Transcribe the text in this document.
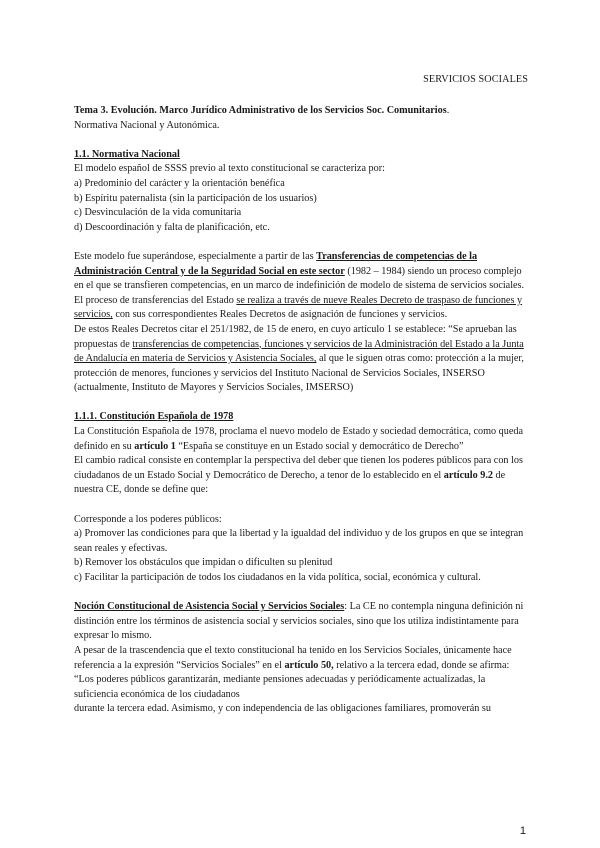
SERVICIOS SOCIALES

Tema 3. Evolución. Marco Jurídico Administrativo de los Servicios Soc. Comunitarios.

Normativa Nacional y Autonómica.

1.1. Normativa Nacional

El modelo español de SSSS previo al texto constitucional se caracteriza por:

a) Predominio del carácter y la orientación benéfica

b) Espíritu paternalista (sin la participación de los usuarios)

c) Desvinculación de la vida comunitaria

d) Descoordinación y falta de planificación, etc.

Este modelo fue superándose, especialmente a partir de las Transferencias de competencias de la Administración Central y de la Seguridad Social en este sector (1982 – 1984) siendo un proceso complejo en el que se transfieren competencias, en un marco de indefinición de modelo de sistema de servicios sociales. El proceso de transferencias del Estado se realiza a través de nueve Reales Decreto de traspaso de funciones y servicios, con sus correspondientes Reales Decretos de asignación de funciones y servicios.

De estos Reales Decretos citar el 251/1982, de 15 de enero, en cuyo artículo 1 se establece: “Se aprueban las propuestas de transferencias de competencias, funciones y servicios de la Administración del Estado a la Junta de Andalucía en materia de Servicios y Asistencia Sociales, al que le siguen otras como: protección a la mujer, protección de menores, funciones y servicios del Instituto Nacional de Servicios Sociales, INSERSO (actualmente, Instituto de Mayores y Servicios Sociales, IMSERSO)

1.1.1. Constitución Española de 1978

La Constitución Española de 1978, proclama el nuevo modelo de Estado y sociedad democrática, como queda definido en su artículo 1 “España se constituye en un Estado social y democrático de Derecho”

El cambio radical consiste en contemplar la perspectiva del deber que tienen los poderes públicos para con los ciudadanos de un Estado Social y Democrático de Derecho, a tenor de lo establecido en el artículo 9.2 de nuestra CE, donde se define que:

Corresponde a los poderes públicos:

a) Promover las condiciones para que la libertad y la igualdad del individuo y de los grupos en que se integran sean reales y efectivas.

b) Remover los obstáculos que impidan o dificulten su plenitud

c) Facilitar la participación de todos los ciudadanos en la vida política, social, económica y cultural.

Noción Constitucional de Asistencia Social y Servicios Sociales: La CE no contempla ninguna definición ni distinción entre los términos de asistencia social y servicios sociales, sino que los utiliza indistintamente para expresar lo mismo.

A pesar de la trascendencia que el texto constitucional ha tenido en los Servicios Sociales, únicamente hace referencia a la expresión “Servicios Sociales” en el artículo 50, relativo a la tercera edad, donde se afirma: “Los poderes públicos garantizarán, mediante pensiones adecuadas y periódicamente actualizadas, la suficiencia económica de los ciudadanos

durante la tercera edad. Asimismo, y con independencia de las obligaciones familiares, promoverán su

1
